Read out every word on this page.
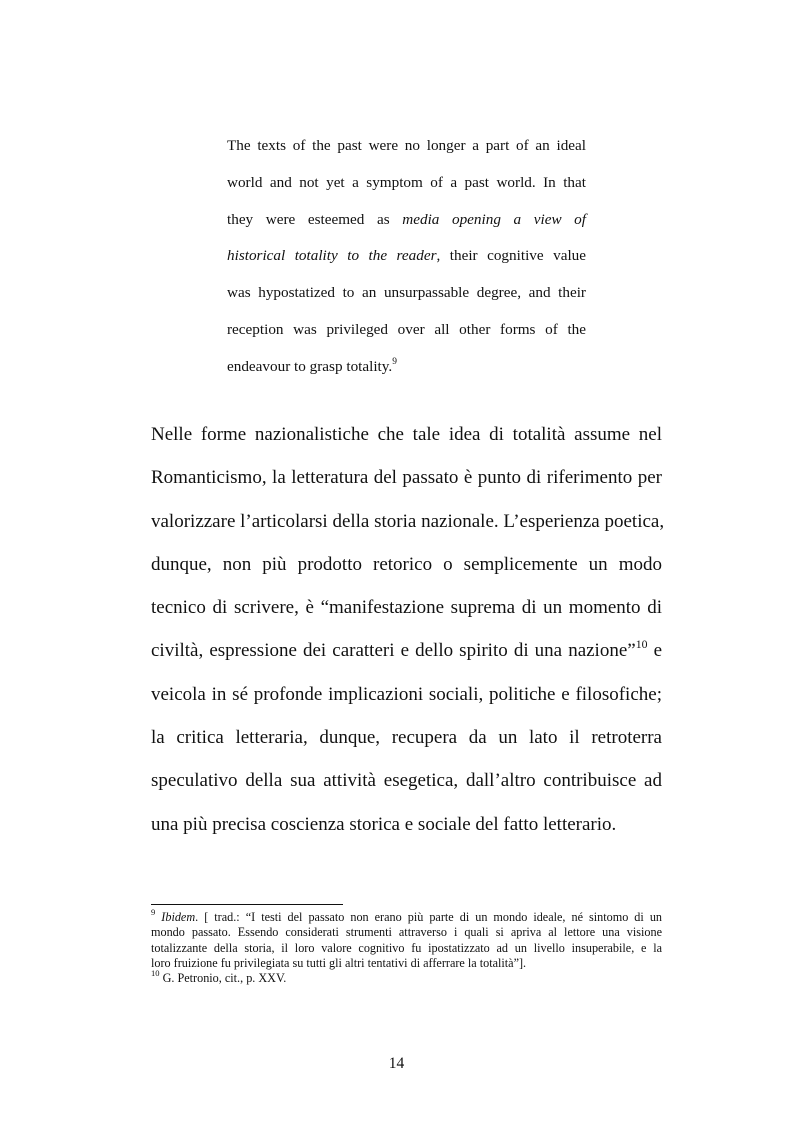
The texts of the past were no longer a part of an ideal
world and not yet a symptom of a past world. In that
they were esteemed as media opening a view of
historical totality to the reader, their cognitive value
was hypostatized to an unsurpassable degree, and their
reception was privileged over all other forms of the
endeavour to grasp totality.$^9$
Nelle forme nazionalistiche che tale idea di totalità assume nel
Romanticismo, la letteratura del passato è punto di riferimento per
valorizzare l’articolarsi della storia nazionale. L’esperienza poetica,
dunque, non più prodotto retorico o semplicemente un modo
tecnico di scrivere, è “manifestazione suprema di un momento di
civiltà, espressione dei caratteri e dello spirito di una nazione”$^{10}$ e
veicola in sé profonde implicazioni sociali, politiche e filosofiche;
la critica letteraria, dunque, recupera da un lato il retroterra
speculativo della sua attività esegetica, dall’altro contribuisce ad
una più precisa coscienza storica e sociale del fatto letterario.
$^9$ Ibidem. [ trad.: “I testi del passato non erano più parte di un mondo ideale, né sintomo di un
mondo passato. Essendo considerati strumenti attraverso i quali si apriva al lettore una visione
totalizzante della storia, il loro valore cognitivo fu ipostatizzato ad un livello insuperabile, e la
loro fruizione fu privilegiata su tutti gli altri tentativi di afferrare la totalità”].
$^{10}$ G. Petronio, cit., p. XXV.
14
